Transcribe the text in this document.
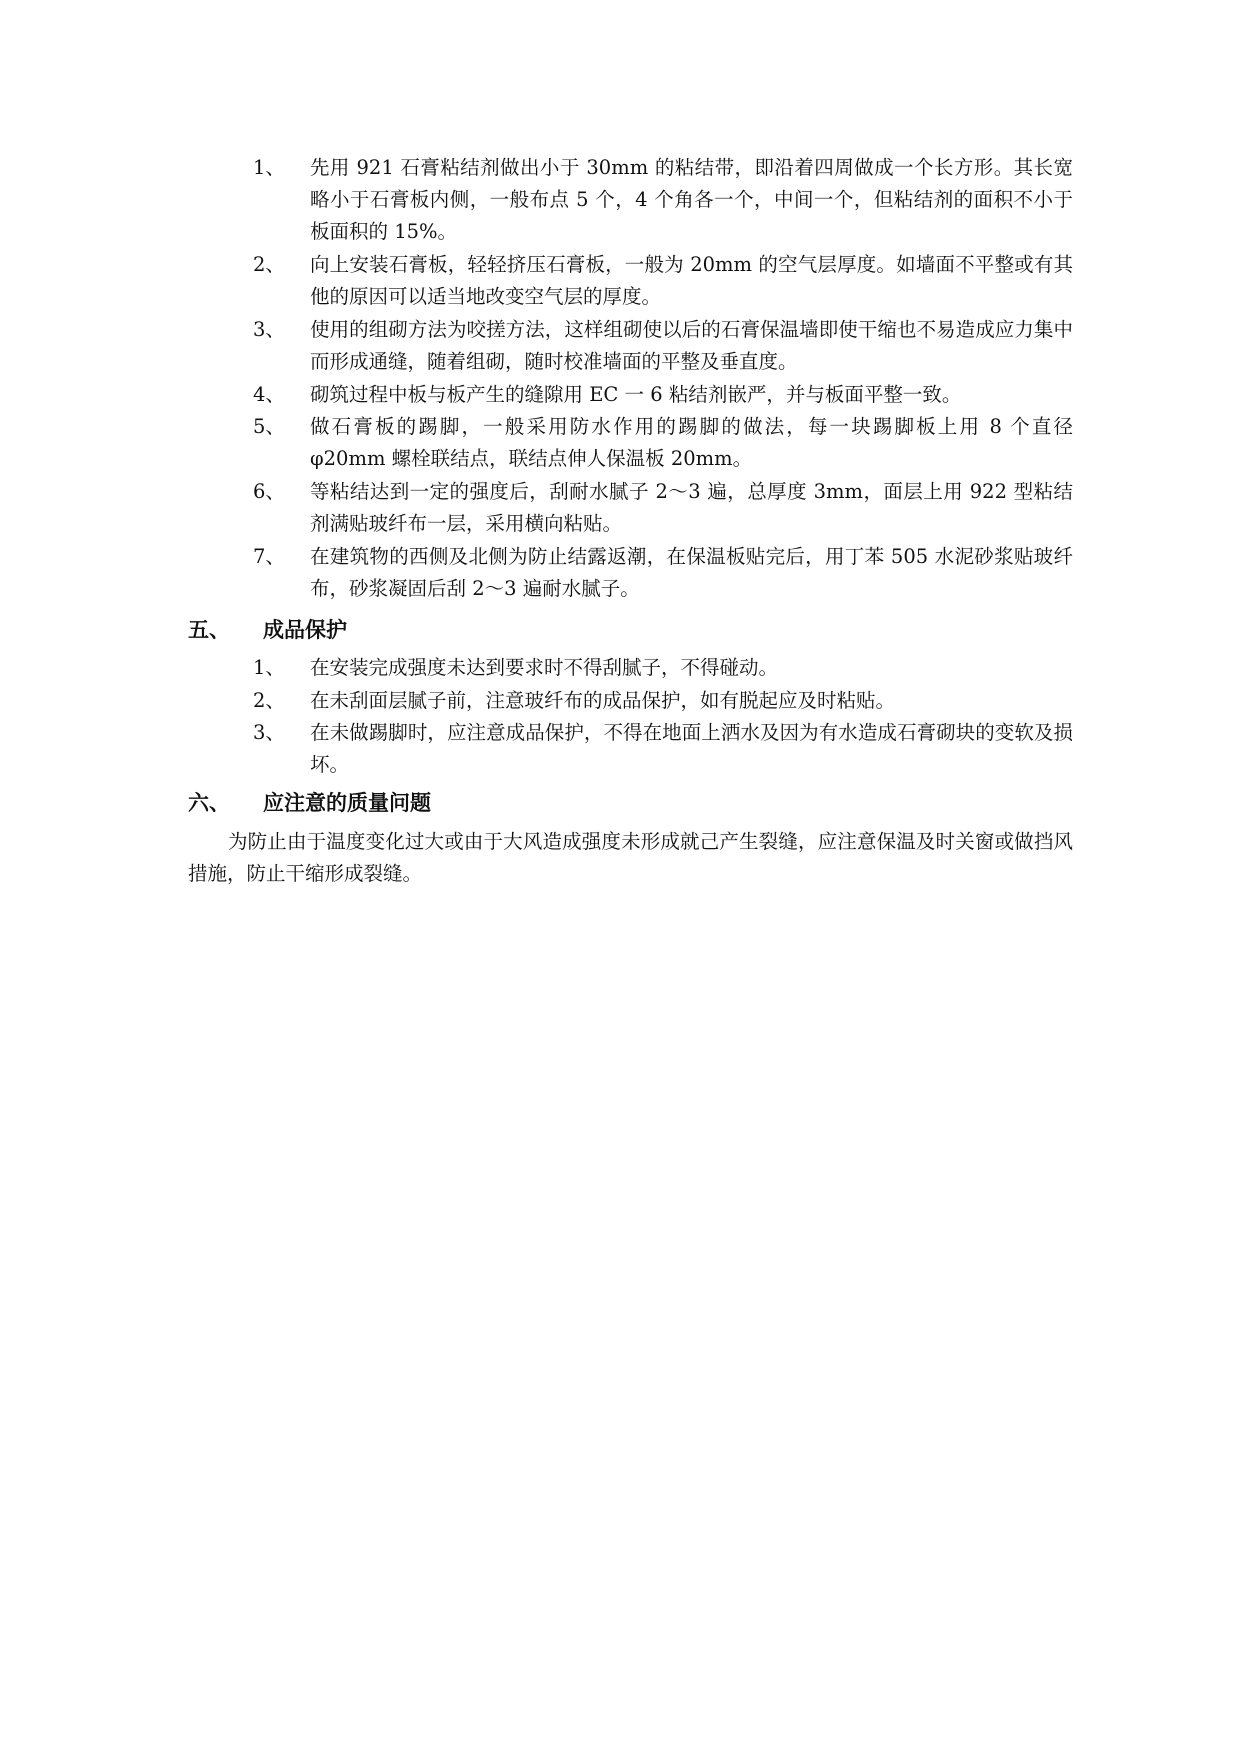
1、	先用 921 石膏粘结剂做出小于 30mm 的粘结带，即沿着四周做成一个长方形。其长宽略小于石膏板内侧，一般布点 5 个，4 个角各一个，中间一个，但粘结剂的面积不小于板面积的 15%。
2、	向上安装石膏板，轻轻挤压石膏板，一般为 20mm 的空气层厚度。如墙面不平整或有其他的原因可以适当地改变空气层的厚度。
3、	使用的组砌方法为咬搓方法，这样组砌使以后的石膏保温墙即使干缩也不易造成应力集中而形成通缝，随着组砌，随时校准墙面的平整及垂直度。
4、	砌筑过程中板与板产生的缝隙用 EC 一 6 粘结剂嵌严，并与板面平整一致。
5、	做石膏板的踢脚，一般采用防水作用的踢脚的做法，每一块踢脚板上用 8 个直径φ20mm 螺栓联结点，联结点伸人保温板 20mm。
6、	等粘结达到一定的强度后，刮耐水腻子 2～3 遍，总厚度 3mm，面层上用 922 型粘结剂满贴玻纤布一层，采用横向粘贴。
7、	在建筑物的西侧及北侧为防止结露返潮，在保温板贴完后，用丁苯 505 水泥砂浆贴玻纤布，砂浆凝固后刮 2～3 遍耐水腻子。
五、 成品保护
1、	在安装完成强度未达到要求时不得刮腻子，不得碰动。
2、	在未刮面层腻子前，注意玻纤布的成品保护，如有脱起应及时粘贴。
3、	在未做踢脚时，应注意成品保护，不得在地面上洒水及因为有水造成石膏砌块的变软及损坏。
六、 应注意的质量问题
为防止由于温度变化过大或由于大风造成强度未形成就己产生裂缝，应注意保温及时关窗或做挡风措施，防止干缩形成裂缝。
